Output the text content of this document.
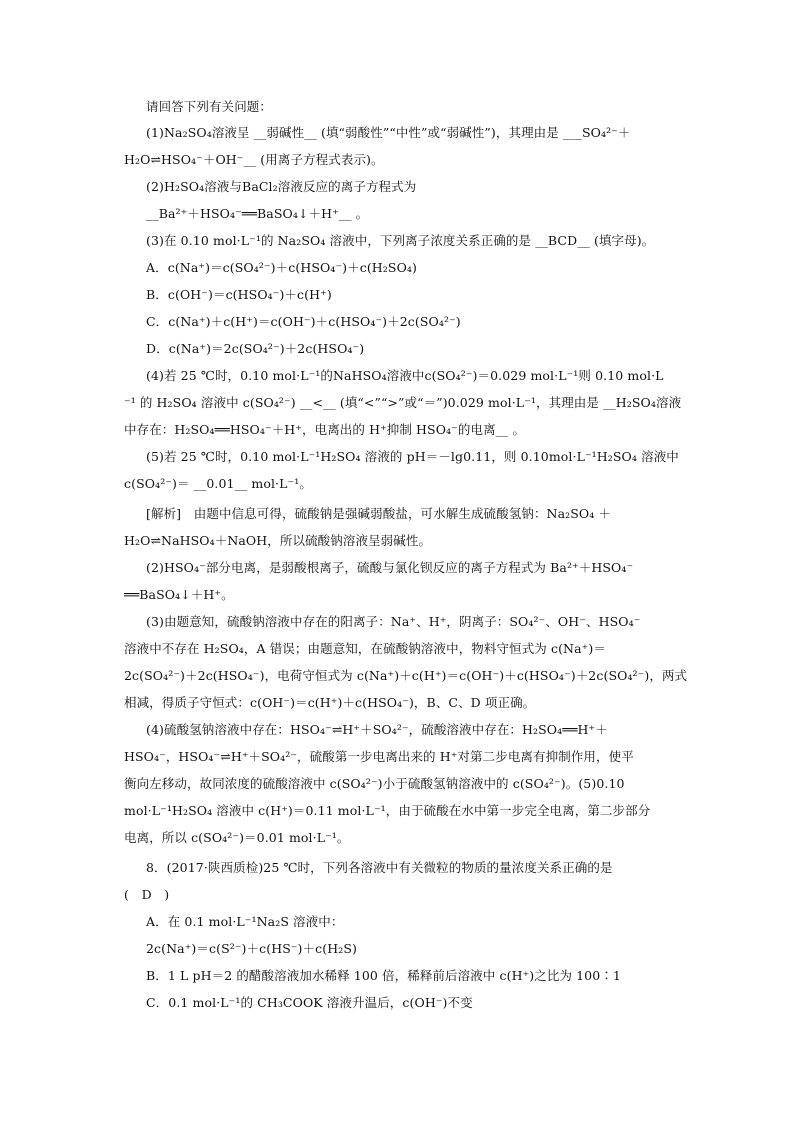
请回答下列有关问题：
(1)Na₂SO₄溶液呈 __弱碱性__ (填“弱酸性”“中性”或“弱碱性”)，其理由是 ___SO₄²⁻＋
H₂O⇌HSO₄⁻＋OH⁻__ (用离子方程式表示)。
(2)H₂SO₄溶液与BaCl₂溶液反应的离子方程式为
__Ba²⁺＋HSO₄⁻══BaSO₄↓＋H⁺__ 。
(3)在 0.10 mol·L⁻¹的 Na₂SO₄ 溶液中，下列离子浓度关系正确的是 __BCD__ (填字母)。
A．c(Na⁺)＝c(SO₄²⁻)＋c(HSO₄⁻)＋c(H₂SO₄)
B．c(OH⁻)＝c(HSO₄⁻)＋c(H⁺)
C．c(Na⁺)＋c(H⁺)＝c(OH⁻)＋c(HSO₄⁻)＋2c(SO₄²⁻)
D．c(Na⁺)＝2c(SO₄²⁻)＋2c(HSO₄⁻)
(4)若 25 ℃时，0.10 mol·L⁻¹的NaHSO₄溶液中c(SO₄²⁻)＝0.029 mol·L⁻¹则 0.10 mol·L
⁻¹ 的 H₂SO₄ 溶液中 c(SO₄²⁻) __<__ (填“<”“>”或“＝”)0.029 mol·L⁻¹，其理由是 __H₂SO₄溶液
中存在：H₂SO₄══HSO₄⁻＋H⁺，电离出的 H⁺抑制 HSO₄⁻的电离__ 。
(5)若 25 ℃时，0.10 mol·L⁻¹H₂SO₄ 溶液的 pH＝－lg0.11，则 0.10mol·L⁻¹H₂SO₄ 溶液中
c(SO₄²⁻)＝ __0.01__ mol·L⁻¹。
[解析]　由题中信息可得，硫酸钠是强碱弱酸盐，可水解生成硫酸氢钠：Na₂SO₄ ＋
H₂O⇌NaHSO₄＋NaOH，所以硫酸钠溶液呈弱碱性。
(2)HSO₄⁻部分电离，是弱酸根离子，硫酸与氯化钡反应的离子方程式为 Ba²⁺＋HSO₄⁻
══BaSO₄↓＋H⁺。
(3)由题意知，硫酸钠溶液中存在的阳离子：Na⁺、H⁺，阴离子：SO₄²⁻、OH⁻、HSO₄⁻
溶液中不存在 H₂SO₄，A 错误；由题意知，在硫酸钠溶液中，物料守恒式为 c(Na⁺)＝
2c(SO₄²⁻)＋2c(HSO₄⁻)，电荷守恒式为 c(Na⁺)＋c(H⁺)＝c(OH⁻)＋c(HSO₄⁻)＋2c(SO₄²⁻)，两式
相减，得质子守恒式：c(OH⁻)＝c(H⁺)＋c(HSO₄⁻)，B、C、D 项正确。
(4)硫酸氢钠溶液中存在：HSO₄⁻⇌H⁺＋SO₄²⁻，硫酸溶液中存在：H₂SO₄══H⁺＋
HSO₄⁻，HSO₄⁻⇌H⁺＋SO₄²⁻，硫酸第一步电离出来的 H⁺对第二步电离有抑制作用，使平
衡向左移动，故同浓度的硫酸溶液中 c(SO₄²⁻)小于硫酸氢钠溶液中的 c(SO₄²⁻)。(5)0.10
mol·L⁻¹H₂SO₄ 溶液中 c(H⁺)＝0.11 mol·L⁻¹，由于硫酸在水中第一步完全电离，第二步部分
电离，所以 c(SO₄²⁻)＝0.01 mol·L⁻¹。
8．(2017·陕西质检)25 ℃时，下列各溶液中有关微粒的物质的量浓度关系正确的是
(　D　)
A．在 0.1 mol·L⁻¹Na₂S 溶液中：
2c(Na⁺)＝c(S²⁻)＋c(HS⁻)＋c(H₂S)
B．1 L pH＝2 的醋酸溶液加水稀释 100 倍，稀释前后溶液中 c(H⁺)之比为 100∶1
C．0.1 mol·L⁻¹的 CH₃COOK 溶液升温后，c(OH⁻)不变
